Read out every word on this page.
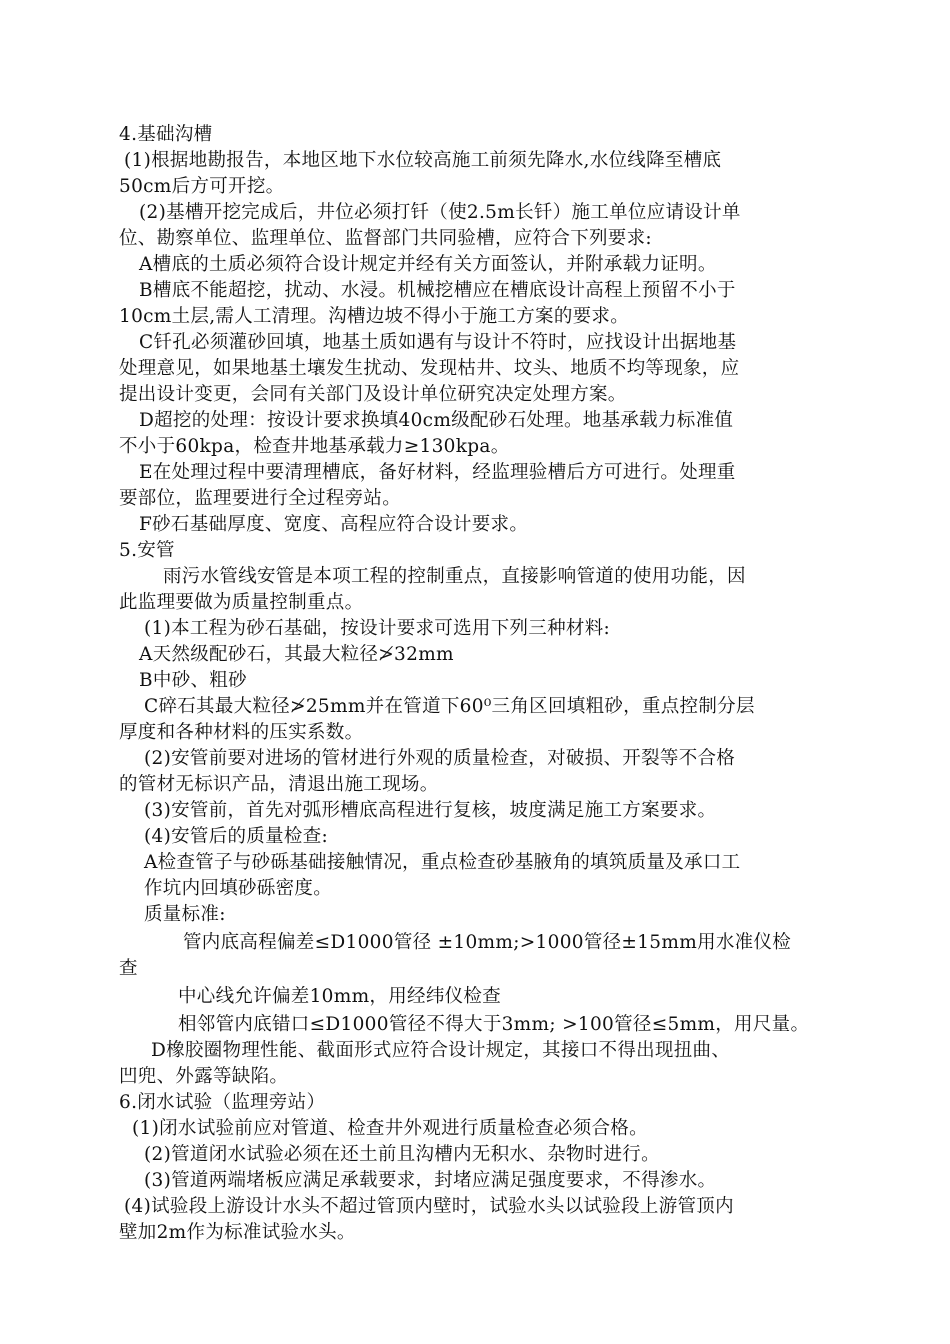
4.基础沟槽
(1)根据地勘报告，本地区地下水位较高施工前须先降水,水位线降至槽底
50cm后方可开挖。
(2)基槽开挖完成后，井位必须打钎（使2.5m长钎）施工单位应请设计单
位、勘察单位、监理单位、监督部门共同验槽，应符合下列要求:
A槽底的土质必须符合设计规定并经有关方面签认，并附承载力证明。
B槽底不能超挖，扰动、水浸。机械挖槽应在槽底设计高程上预留不小于
10cm土层,需人工清理。沟槽边坡不得小于施工方案的要求。
C钎孔必须灌砂回填，地基土质如遇有与设计不符时，应找设计出据地基
处理意见，如果地基土壤发生扰动、发现枯井、坟头、地质不均等现象，应
提出设计变更，会同有关部门及设计单位研究决定处理方案。
D超挖的处理：按设计要求换填40cm级配砂石处理。地基承载力标准值
不小于60kpa，检查井地基承载力≥130kpa。
E在处理过程中要清理槽底，备好材料，经监理验槽后方可进行。处理重
要部位，监理要进行全过程旁站。
F砂石基础厚度、宽度、高程应符合设计要求。
5.安管
雨污水管线安管是本项工程的控制重点，直接影响管道的使用功能，因
此监理要做为质量控制重点。
(1)本工程为砂石基础，按设计要求可选用下列三种材料:
A天然级配砂石，其最大粒径≯32mm
B中砂、粗砂
C碎石其最大粒径≯25mm并在管道下60⁰三角区回填粗砂，重点控制分层
厚度和各种材料的压实系数。
(2)安管前要对进场的管材进行外观的质量检查，对破损、开裂等不合格
的管材无标识产品，清退出施工现场。
(3)安管前，首先对弧形槽底高程进行复核，坡度满足施工方案要求。
(4)安管后的质量检查:
A检查管子与砂砾基础接触情况，重点检查砂基腋角的填筑质量及承口工
作坑内回填砂砾密度。
质量标准:
管内底高程偏差≤D1000管径 ±10mm;>1000管径±15mm用水准仪检
查
中心线允许偏差10mm，用经纬仪检查
相邻管内底错口≤D1000管径不得大于3mm; >100管径≤5mm，用尺量。
D橡胶圈物理性能、截面形式应符合设计规定，其接口不得出现扭曲、
凹兜、外露等缺陷。
6.闭水试验（监理旁站）
(1)闭水试验前应对管道、检查井外观进行质量检查必须合格。
(2)管道闭水试验必须在还土前且沟槽内无积水、杂物时进行。
(3)管道两端堵板应满足承载要求，封堵应满足强度要求，不得渗水。
(4)试验段上游设计水头不超过管顶内壁时，试验水头以试验段上游管顶内
壁加2m作为标准试验水头。
